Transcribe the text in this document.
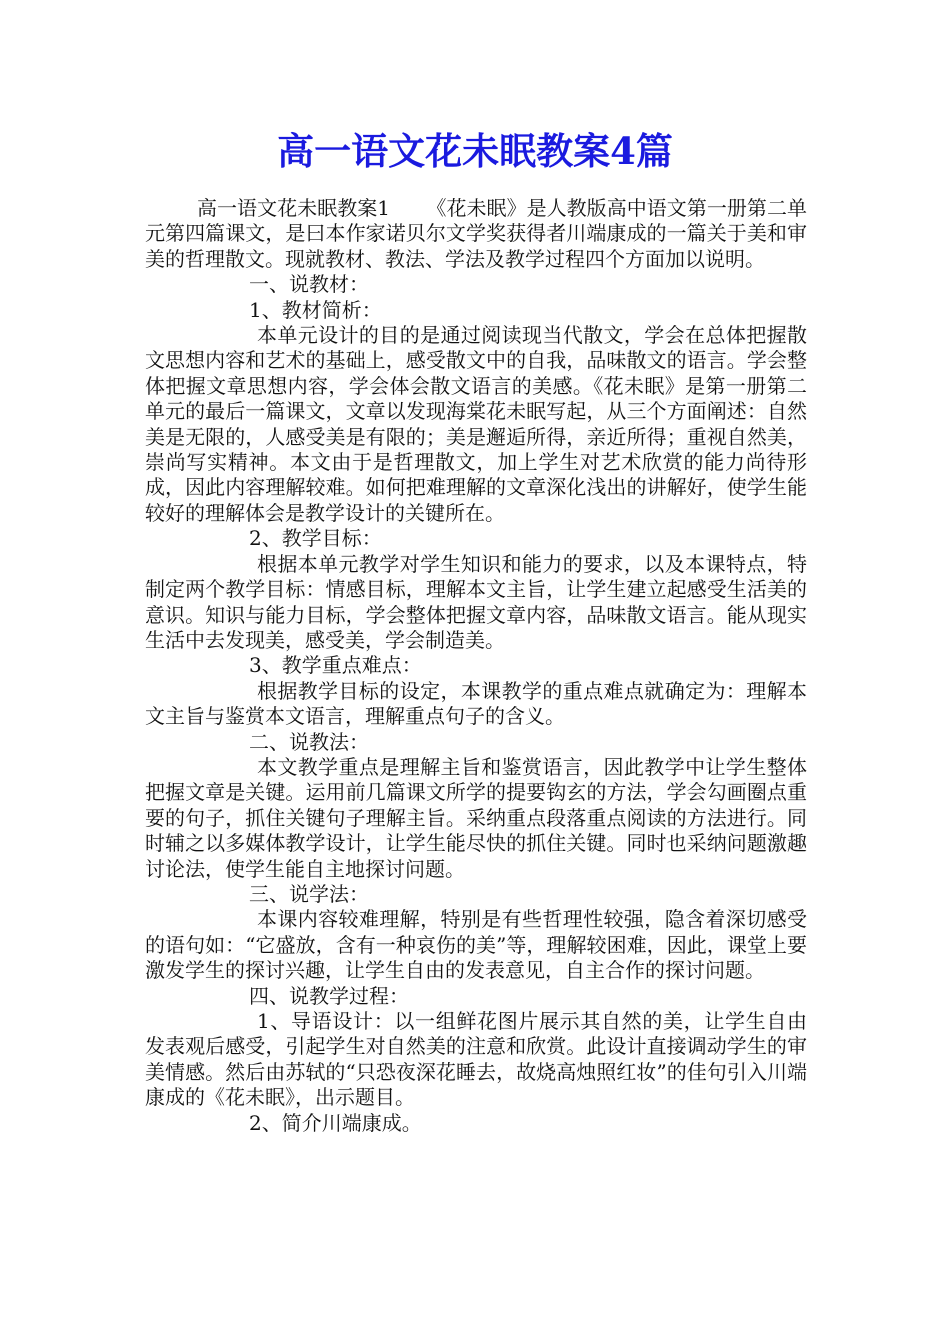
高一语文花未眠教案4篇

高一语文花未眠教案1 　　《花未眠》是人教版高中语文第一册第二单元第四篇课文，是曰本作家诺贝尔文学奖获得者川端康成的一篇关于美和审美的哲理散文。现就教材、教法、学法及教学过程四个方面加以说明。

一、说教材：

1、教材简析：

本单元设计的目的是通过阅读现当代散文，学会在总体把握散文思想内容和艺术的基础上，感受散文中的自我，品味散文的语言。学会整体把握文章思想内容，学会体会散文语言的美感。《花未眠》是第一册第二单元的最后一篇课文，文章以发现海棠花未眠写起，从三个方面阐述：自然美是无限的，人感受美是有限的；美是邂逅所得，亲近所得；重视自然美，崇尚写实精神。本文由于是哲理散文，加上学生对艺术欣赏的能力尚待形成，因此内容理解较难。如何把难理解的文章深化浅出的讲解好，使学生能较好的理解体会是教学设计的关键所在。

2、教学目标：

根据本单元教学对学生知识和能力的要求，以及本课特点，特制定两个教学目标：情感目标，理解本文主旨，让学生建立起感受生活美的意识。知识与能力目标，学会整体把握文章内容，品味散文语言。能从现实生活中去发现美，感受美，学会制造美。

3、教学重点难点：

根据教学目标的设定，本课教学的重点难点就确定为：理解本文主旨与鉴赏本文语言，理解重点句子的含义。

二、说教法：

本文教学重点是理解主旨和鉴赏语言，因此教学中让学生整体把握文章是关键。运用前几篇课文所学的提要钩玄的方法，学会勾画圈点重要的句子，抓住关键句子理解主旨。采纳重点段落重点阅读的方法进行。同时辅之以多媒体教学设计，让学生能尽快的抓住关键。同时也采纳问题激趣讨论法，使学生能自主地探讨问题。

三、说学法：

本课内容较难理解，特别是有些哲理性较强，隐含着深切感受的语句如：“它盛放，含有一种哀伤的美”等，理解较困难，因此，课堂上要激发学生的探讨兴趣，让学生自由的发表意见，自主合作的探讨问题。

四、说教学过程：

1、导语设计：以一组鲜花图片展示其自然的美，让学生自由发表观后感受，引起学生对自然美的注意和欣赏。此设计直接调动学生的审美情感。然后由苏轼的“只恐夜深花睡去，故烧高烛照红妆”的佳句引入川端康成的《花未眠》，出示题目。

2、简介川端康成。
